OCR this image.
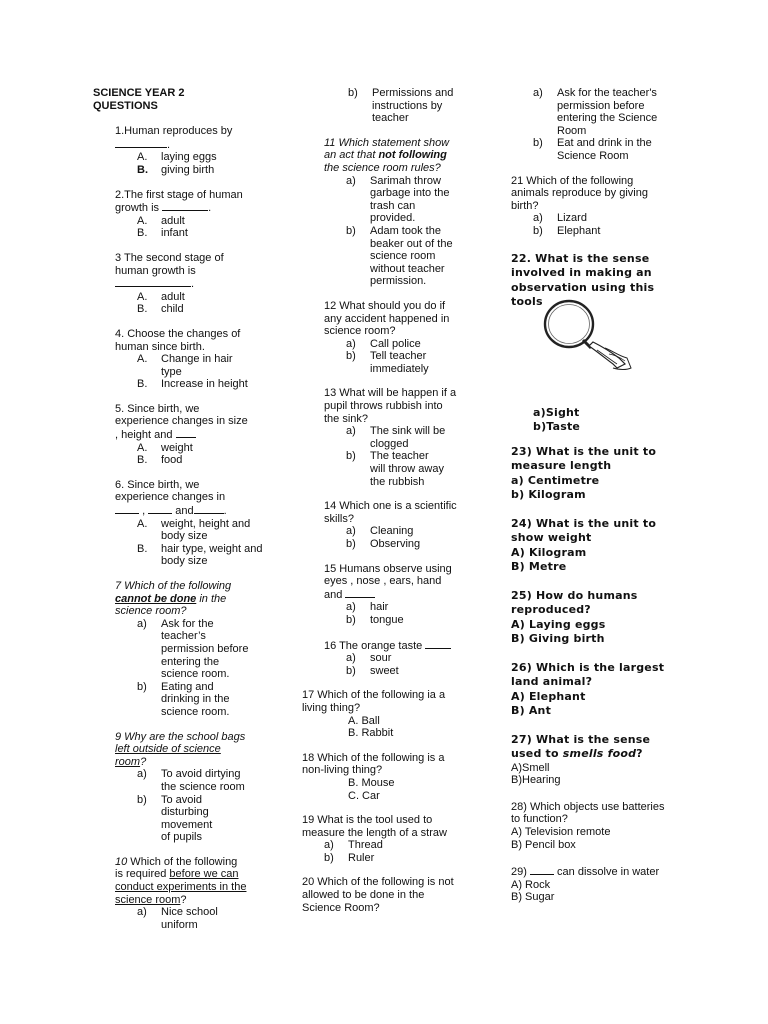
SCIENCE YEAR 2
QUESTIONS
1.Human reproduces by
.
A.	laying eggs
B.	giving birth
2.The first stage of human
growth is	.
A.	adult
B.	infant
3 The second stage of
human growth is
.
A.	adult
B.	child
4. Choose the changes of
human since birth.
A.	Change in hair type
B.	Increase in height
5. Since birth, we
experience changes in size
, height and
A.	weight
B.	food
6. Since birth, we
experience changes in
,	and	.
A.	weight, height and body size
B.	hair type, weight and body size
7 Which of the following
cannot be done in the
science room?
a)	Ask for the teacher’s permission before entering the science room.
b)	Eating and drinking in the science room.
9 Why are the school bags
left outside of science
room?
a)	To avoid dirtying the science room
b)	To avoid disturbing movement of pupils
10 Which of the following
is required before we can
conduct experiments in the
science room?
a)	Nice school uniform
b)	Permissions and instructions by teacher
11 Which statement show
an act that not following
the science room rules?
a)	Sarimah throw garbage into the trash can provided.
b)	Adam took the beaker out of the science room without teacher permission.
12 What should you do if
any accident happened in
science room?
a)	Call police
b)	Tell teacher immediately
13 What will be happen if a
pupil throws rubbish into
the sink?
a)	The sink will be clogged
b)	The teacher will throw away the rubbish
14 Which one is a scientific
skills?
a)	Cleaning
b)	Observing
15 Humans observe using
eyes , nose , ears, hand
and
a)	hair
b)	tongue
16 The orange taste
a)	sour
b)	sweet
17 Which of the following ia a
living thing?
A. Ball
B. Rabbit
18 Which of the following is a
non-living thing?
B. Mouse
C. Car
19 What is the tool used to
measure the length of a straw
a)	Thread
b)	Ruler
20 Which of the following is not
allowed to be done in the
Science Room?
a)	Ask for the teacher's permission before entering the Science Room
b)	Eat and drink in the Science Room
21 Which of the following
animals reproduce by giving
birth?
a)	Lizard
b)	Elephant
22. What is the sense
involved in making an
observation using this
tools
a)Sight
b)Taste
23) What is the unit to
measure length
a) Centimetre
b) Kilogram
24) What is the unit to
show weight
A) Kilogram
B) Metre
25) How do humans
reproduced?
A) Laying eggs
B) Giving birth
26) Which is the largest
land animal?
A) Elephant
B) Ant
27) What is the sense
used to smells food?
A)Smell
B)Hearing
28) Which objects use batteries
to function?
A) Television remote
B) Pencil box
29)	can dissolve in water
A) Rock
B) Sugar
